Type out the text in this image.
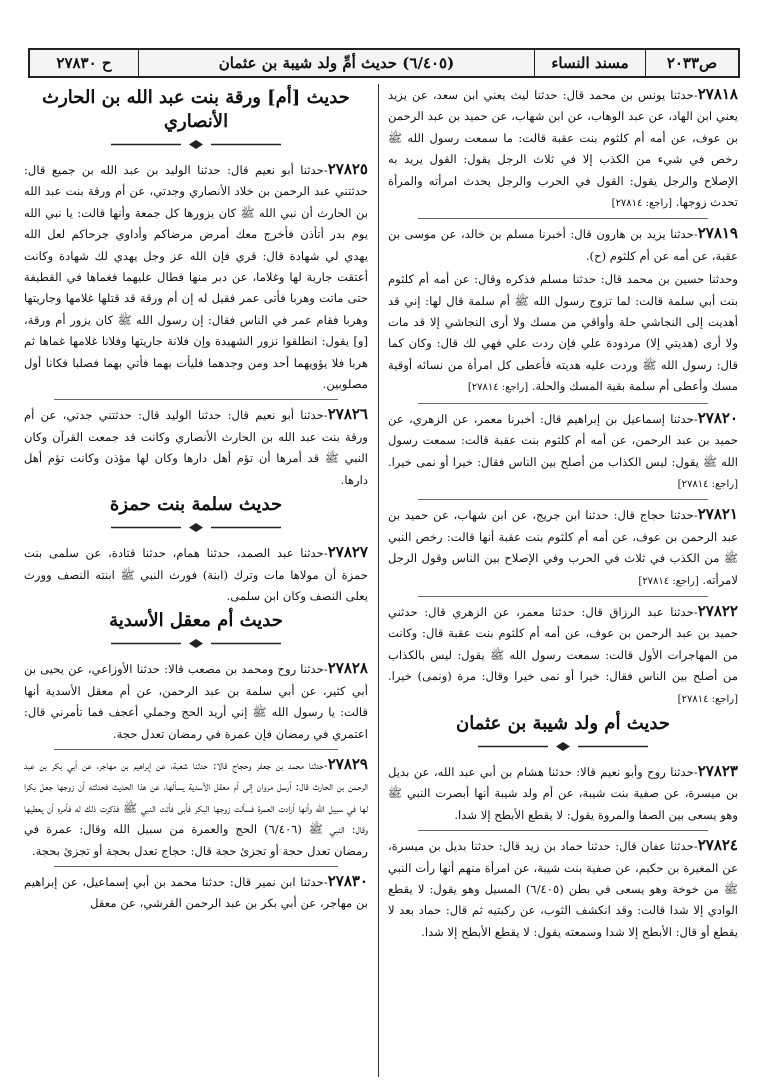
ح ٢٧٨٣٠	حديث أمِّ ولد شيبة بن عثمان
(٦/٤٠٥)	مسند النساء	ص٢٠٣٣

٢٧٨١٨-حدثنا يونس بن محمد قال: حدثنا ليث يعني ابن سعد، عن يزيد يعني ابن الهاد، عن عبد الوهاب، عن ابن شهاب، عن حميد بن عبد الرحمن بن عوف، عن أمه أم كلثوم بنت عقبة قالت: ما سمعت رسول الله ﷺ رخص في شيء من الكذب إلا في ثلاث الرجل يقول: القول يريد به الإصلاح والرجل يقول: القول في الحرب والرجل يحدث امرأته والمرأة تحدث زوجها. [راجع: ٢٧٨١٤]

٢٧٨١٩-حدثنا يزيد بن هارون قال: أخبرنا مسلم بن خالد، عن موسى بن عقبة، عن أمه عن أم كلثوم (ح).

وحدثنا حسين بن محمد قال: حدثنا مسلم فذكره وقال: عن أمه أم كلثوم بنت أبي سلمة قالت: لما تزوج رسول الله ﷺ أم سلمة قال لها: إني قد أهديت إلى النجاشي حلة وأواقي من مسك ولا أرى النجاشي إلا قد مات ولا أرى (هديتي إلا) مردودة علي فإن ردت علي فهي لك قال: وكان كما قال: رسول الله ﷺ وردت عليه هديته فأعطى كل امرأة من نسائه أوقية مسك وأعطى أم سلمة بقية المسك والحلة. [راجع: ٢٧٨١٤]

٢٧٨٢٠-حدثنا إسماعيل بن إبراهيم قال: أخبرنا معمر، عن الزهري، عن حميد بن عبد الرحمن، عن أمه أم كلثوم بنت عقبة قالت: سمعت رسول الله ﷺ يقول: ليس الكذاب من أصلح بين الناس فقال: خيرا أو نمى خيرا. [راجع: ٢٧٨١٤]

٢٧٨٢١-حدثنا حجاج قال: حدثنا ابن جريج، عن ابن شهاب، عن حميد بن عبد الرحمن بن عوف، عن أمه أم كلثوم بنت عقبة أنها قالت: رخص النبي ﷺ من الكذب في ثلاث في الحرب وفي الإصلاح بين الناس وقول الرجل لامرأته. [راجع: ٢٧٨١٤]

٢٧٨٢٢-حدثنا عبد الرزاق قال: حدثنا معمر، عن الزهري قال: حدثني حميد بن عبد الرحمن بن عوف، عن أمه أم كلثوم بنت عقبة قال: وكانت من المهاجرات الأول قالت: سمعت رسول الله ﷺ يقول: ليس بالكذاب من أصلح بين الناس فقال: خيرا أو نمى خيرا وقال: مرة (ونمى) خيرا. [راجع: ٢٧٨١٤]

حديث أم ولد شيبة بن عثمان

٢٧٨٢٣-حدثنا روح وأبو نعيم قالا: حدثنا هشام بن أبي عبد الله، عن بديل بن ميسرة، عن صفية بنت شيبة، عن أم ولد شيبة أنها أبصرت النبي ﷺ وهو يسعى بين الصفا والمروة يقول: لا يقطع الأبطح إلا شدا.

٢٧٨٢٤-حدثنا عفان قال: حدثنا حماد بن زيد قال: حدثنا بديل بن ميسرة، عن المغيرة بن حكيم، عن صفية بنت شيبة، عن امرأة منهم أنها رأت النبي ﷺ من خوخة وهو يسعى في بطن (٦/٤٠٥) المسيل وهو يقول: لا يقطع الوادي إلا شدا قالت: وقد انكشف الثوب، عن ركبتيه ثم قال: حماد بعد لا يقطع أو قال: الأبطح إلا شدا وسمعته يقول: لا يقطع الأبطح إلا شدا.

حديث [أم] ورقة بنت عبد الله بن الحارث الأنصاري

٢٧٨٢٥-حدثنا أبو نعيم قال: حدثنا الوليد بن عبد الله بن جميع قال: حدثتني عبد الرحمن بن خلاد الأنصاري وجدتي، عن أم ورقة بنت عبد الله بن الحارث أن نبي الله ﷺ كان يزورها كل جمعة وأنها قالت: يا نبي الله يوم بدر أتأذن فأخرج معك أمرض مرضاكم وأداوي جرحاكم لعل الله يهدي لي شهادة قال: قري فإن الله عز وجل يهدي لك شهادة وكانت أعتقت جارية لها وغلاما، عن دبر منها فطال عليهما فغماها في القطيفة حتى ماتت وهربا فأتى عمر فقيل له إن أم ورقة قد قتلها غلامها وجاريتها وهربا فقام عمر في الناس فقال: إن رسول الله ﷺ كان يزور أم ورقة، [و] يقول: انطلقوا نزور الشهيدة وإن فلانة جاريتها وفلانا غلامها غماها ثم هربا فلا يؤويهما أحد ومن وجدهما فليأت بهما فأتي بهما فصلبا فكانا أول مصلوبين.

٢٧٨٢٦-حدثنا أبو نعيم قال: حدثنا الوليد قال: حدثتني جدتي، عن أم ورقة بنت عبد الله بن الحارث الأنصاري وكانت قد جمعت القرآن وكان النبي ﷺ قد أمرها أن تؤم أهل دارها وكان لها مؤذن وكانت تؤم أهل دارها.

حديث سلمة بنت حمزة

٢٧٨٢٧-حدثنا عبد الصمد، حدثنا همام، حدثنا قتادة، عن سلمى بنت حمزة أن مولاها مات وترك (ابنة) فورث النبي ﷺ ابنته النصف وورث يعلى النصف وكان ابن سلمى.

حديث أم معقل الأسدية

٢٧٨٢٨-حدثنا روح ومحمد بن مصعب قالا: حدثنا الأوزاعي، عن يحيى بن أبي كثير، عن أبي سلمة بن عبد الرحمن، عن أم معقل الأسدية أنها قالت: يا رسول الله ﷺ إني أريد الحج وجملي أعجف فما تأمرني قال: اعتمري في رمضان فإن عمرة في رمضان تعدل حجة.

٢٧٨٢٩-حدثنا محمد بن جعفر وحجاج قالا: حدثنا شعبة، عن إبراهيم بن مهاجر، عن أبي بكر بن عبد الرحمن بن الحارث قال: أرسل مروان إلى أم معقل الأسدية يسألها، عن هذا الحديث فحدثته أن زوجها جعل بكرا لها في سبيل الله وأنها أرادت العمرة فسألت زوجها البكر فأبى فأتت النبي ﷺ فذكرت ذلك له فأمره أن يعطيها وقال: النبي ﷺ (٦/٤٠٦) الحج والعمرة من سبيل الله وقال: عمرة في رمضان تعدل حجة أو تجزئ حجة قال: حجاج تعدل بحجة أو تجزئ بحجة.

٢٧٨٣٠-حدثنا ابن نمير قال: حدثنا محمد بن أبي إسماعيل، عن إبراهيم بن مهاجر، عن أبي بكر بن عبد الرحمن القرشي، عن معقل
